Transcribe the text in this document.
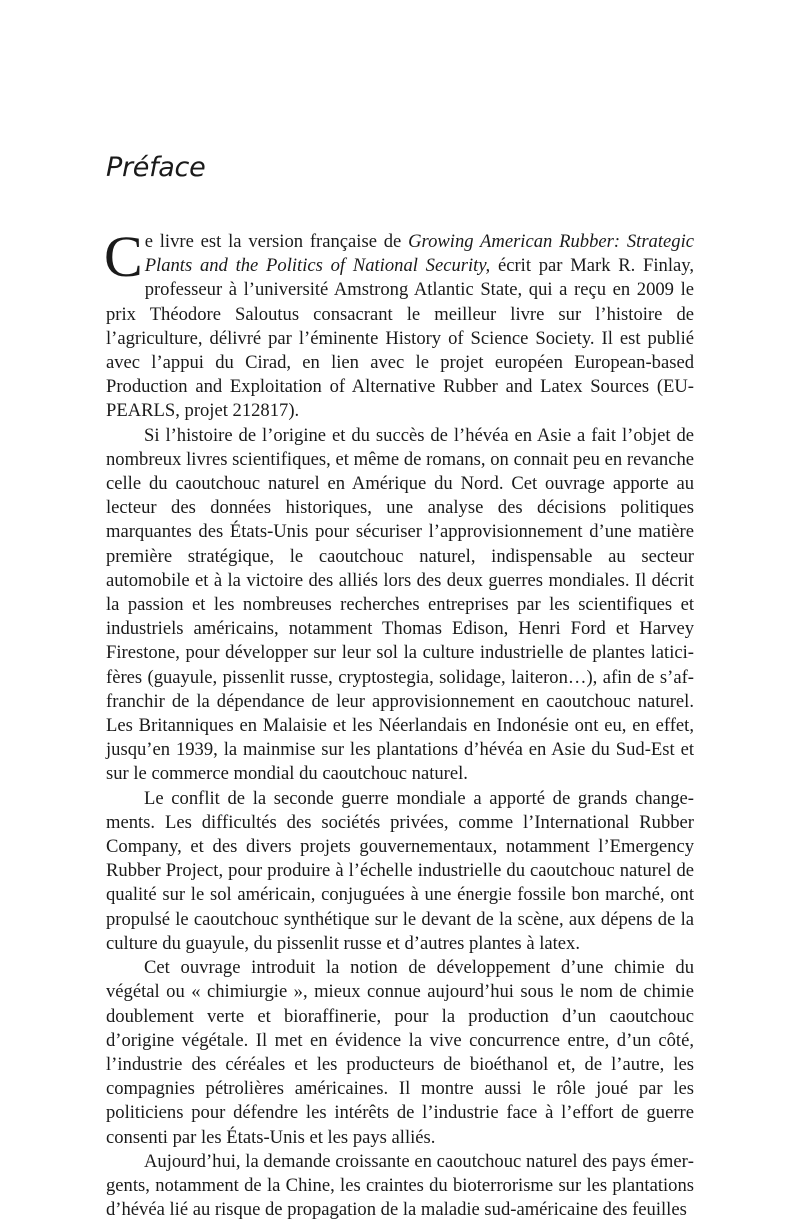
Préface

Ce livre est la version française de Growing American Rubber: Strategic Plants and the Politics of National Security, écrit par Mark R. Finlay, professeur à l’université Amstrong Atlantic State, qui a reçu en 2009 le prix Théodore Saloutus consacrant le meilleur livre sur l’histoire de l’agriculture, délivré par l’éminente History of Science Society. Il est publié avec l’appui du Cirad, en lien avec le projet européen European-based Production and Exploitation of Alternative Rubber and Latex Sources (EU-PEARLS, projet 212817).

Si l’histoire de l’origine et du succès de l’hévéa en Asie a fait l’objet de nombreux livres scientifiques, et même de romans, on connait peu en revanche celle du caoutchouc naturel en Amérique du Nord. Cet ouvrage apporte au lecteur des données historiques, une analyse des décisions politiques marquantes des États-Unis pour sécuriser l’approvisionnement d’une matière première stratégique, le caoutchouc naturel, indispensable au secteur automobile et à la victoire des alliés lors des deux guerres mondiales. Il décrit la passion et les nombreuses recherches entreprises par les scientifiques et industriels américains, notamment Thomas Edison, Henri Ford et Harvey Firestone, pour développer sur leur sol la culture industrielle de plantes laticifères (guayule, pissenlit russe, cryptostegia, solidage, laiteron…), afin de s’affranchir de la dépendance de leur approvisionnement en caoutchouc naturel. Les Britanniques en Malaisie et les Néerlandais en Indonésie ont eu, en effet, jusqu’en 1939, la mainmise sur les plantations d’hévéa en Asie du Sud-Est et sur le commerce mondial du caoutchouc naturel.

Le conflit de la seconde guerre mondiale a apporté de grands changements. Les difficultés des sociétés privées, comme l’International Rubber Company, et des divers projets gouvernementaux, notamment l’Emergency Rubber Project, pour produire à l’échelle industrielle du caoutchouc naturel de qualité sur le sol américain, conjuguées à une énergie fossile bon marché, ont propulsé le caoutchouc synthétique sur le devant de la scène, aux dépens de la culture du guayule, du pissenlit russe et d’autres plantes à latex.

Cet ouvrage introduit la notion de développement d’une chimie du végétal ou « chimiurgie », mieux connue aujourd’hui sous le nom de chimie doublement verte et bioraffinerie, pour la production d’un caoutchouc d’origine végétale. Il met en évidence la vive concurrence entre, d’un côté, l’industrie des céréales et les producteurs de bioéthanol et, de l’autre, les compagnies pétrolières américaines. Il montre aussi le rôle joué par les politiciens pour défendre les intérêts de l’industrie face à l’effort de guerre consenti par les États-Unis et les pays alliés.

Aujourd’hui, la demande croissante en caoutchouc naturel des pays émergents, notamment de la Chine, les craintes du bioterrorisme sur les plantations d’hévéa lié au risque de propagation de la maladie sud-américaine des feuilles
